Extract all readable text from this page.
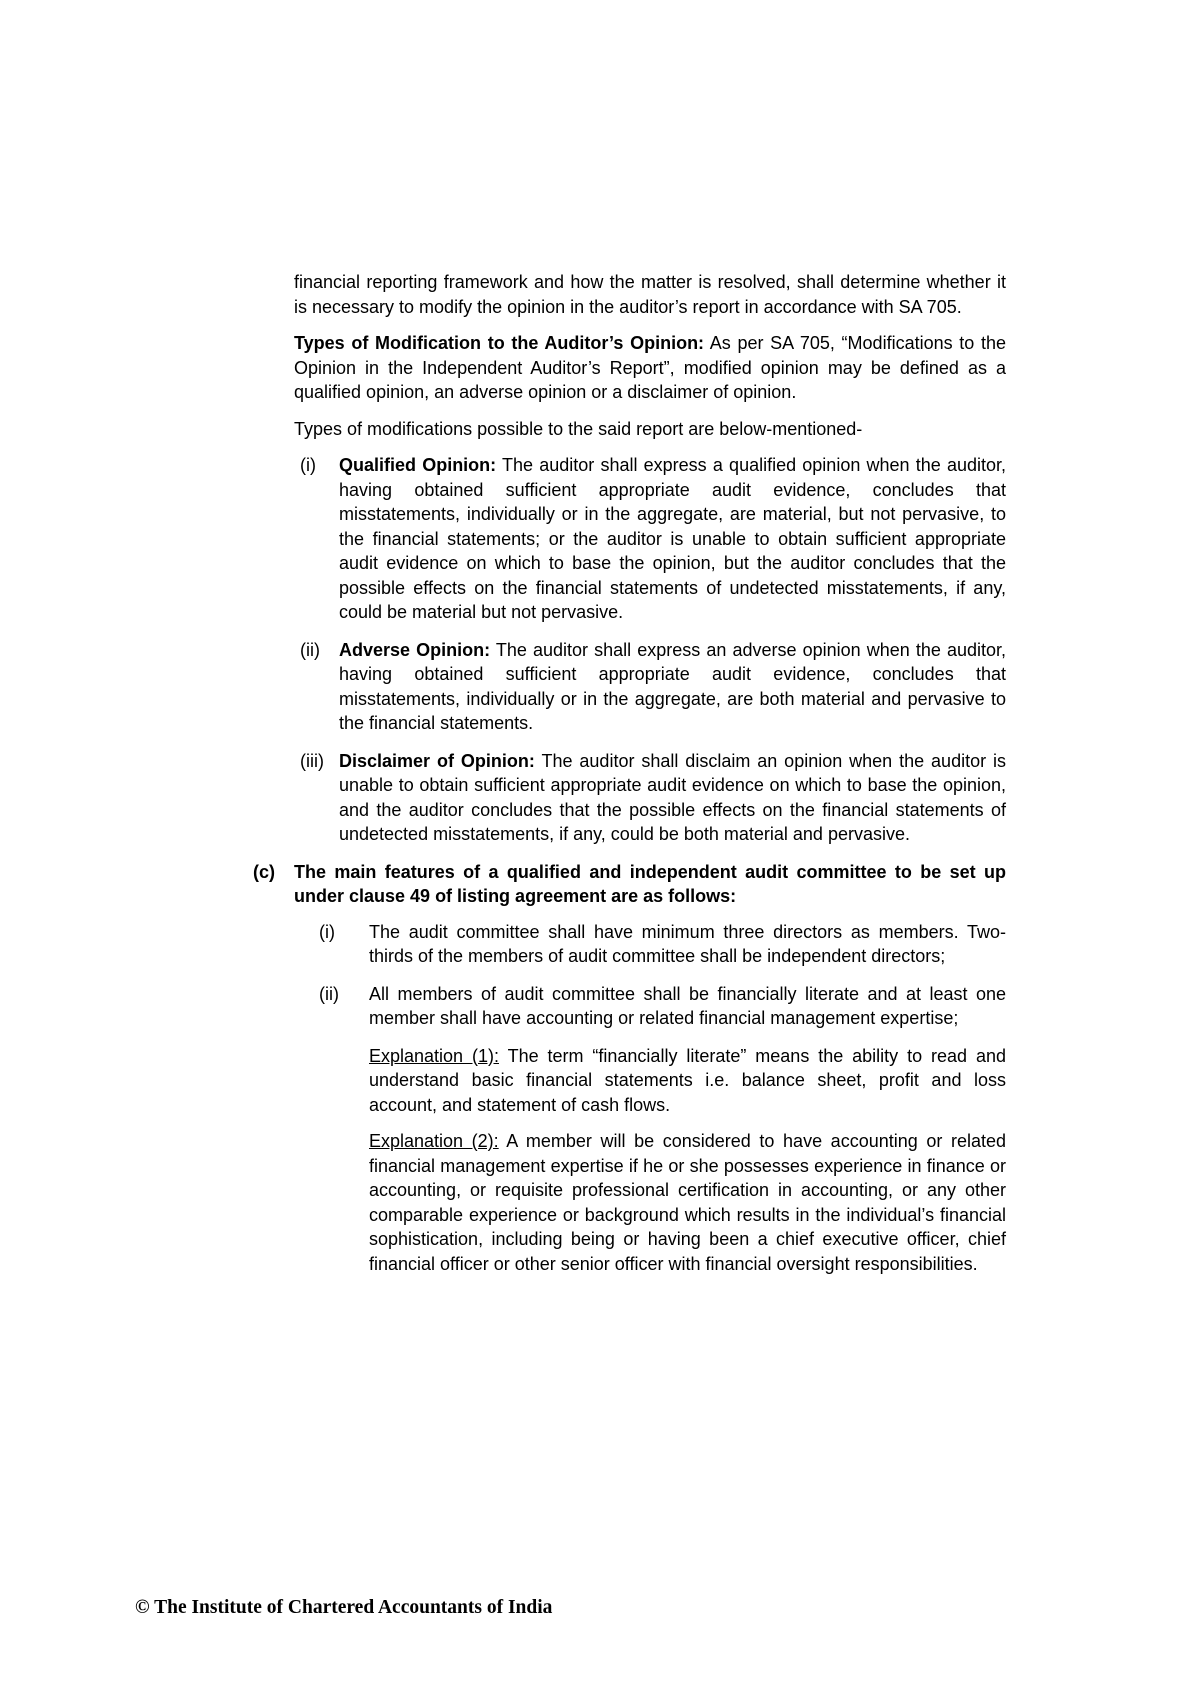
financial reporting framework and how the matter is resolved, shall determine whether it is necessary to modify the opinion in the auditor’s report in accordance with SA 705.

Types of Modification to the Auditor’s Opinion: As per SA 705, “Modifications to the Opinion in the Independent Auditor’s Report”, modified opinion may be defined as a qualified opinion, an adverse opinion or a disclaimer of opinion.

Types of modifications possible to the said report are below-mentioned-

(i) Qualified Opinion: The auditor shall express a qualified opinion when the auditor, having obtained sufficient appropriate audit evidence, concludes that misstatements, individually or in the aggregate, are material, but not pervasive, to the financial statements; or the auditor is unable to obtain sufficient appropriate audit evidence on which to base the opinion, but the auditor concludes that the possible effects on the financial statements of undetected misstatements, if any, could be material but not pervasive.

(ii) Adverse Opinion: The auditor shall express an adverse opinion when the auditor, having obtained sufficient appropriate audit evidence, concludes that misstatements, individually or in the aggregate, are both material and pervasive to the financial statements.

(iii) Disclaimer of Opinion: The auditor shall disclaim an opinion when the auditor is unable to obtain sufficient appropriate audit evidence on which to base the opinion, and the auditor concludes that the possible effects on the financial statements of undetected misstatements, if any, could be both material and pervasive.

(c) The main features of a qualified and independent audit committee to be set up under clause 49 of listing agreement are as follows:

(i) The audit committee shall have minimum three directors as members. Two-thirds of the members of audit committee shall be independent directors;

(ii) All members of audit committee shall be financially literate and at least one member shall have accounting or related financial management expertise;

Explanation (1): The term “financially literate” means the ability to read and understand basic financial statements i.e. balance sheet, profit and loss account, and statement of cash flows.

Explanation (2): A member will be considered to have accounting or related financial management expertise if he or she possesses experience in finance or accounting, or requisite professional certification in accounting, or any other comparable experience or background which results in the individual’s financial sophistication, including being or having been a chief executive officer, chief financial officer or other senior officer with financial oversight responsibilities.

© The Institute of Chartered Accountants of India
